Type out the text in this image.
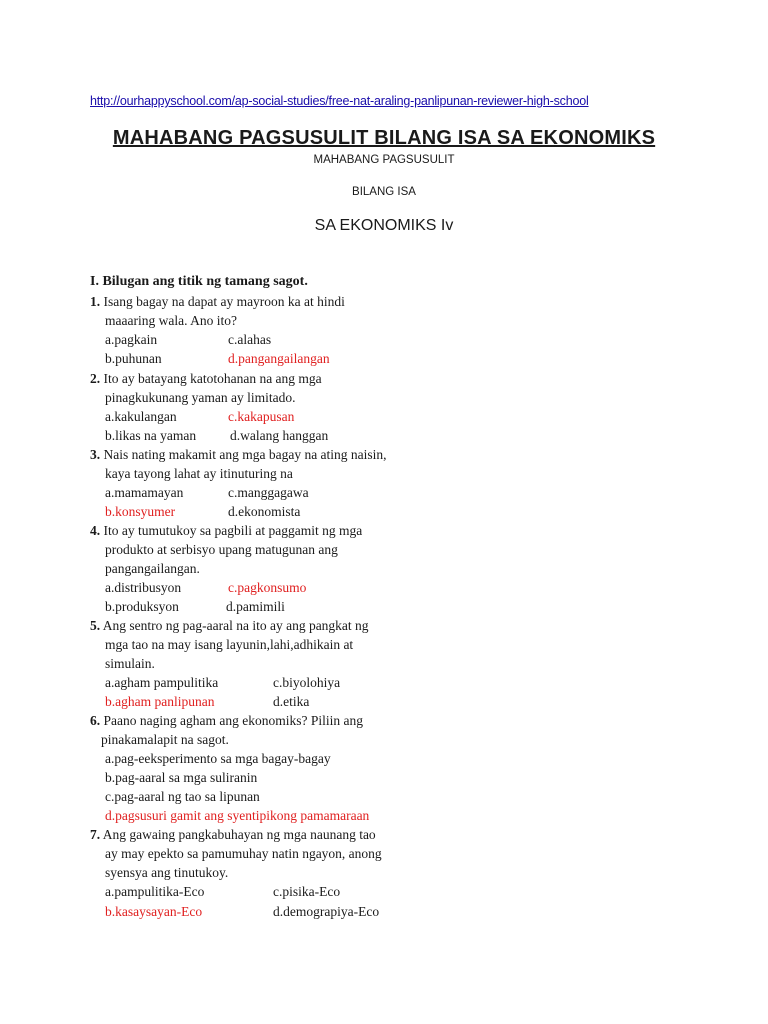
http://ourhappyschool.com/ap-social-studies/free-nat-araling-panlipunan-reviewer-high-school
MAHABANG PAGSUSULIT BILANG ISA SA EKONOMIKS
MAHABANG PAGSUSULIT
BILANG ISA
SA EKONOMIKS Iv
I. Bilugan ang titik ng tamang sagot.
1. Isang bagay na dapat ay mayroon ka at hindi
maaaring wala. Ano ito?
a.pagkain	c.alahas
b.puhunan	d.pangangailangan
2. Ito ay batayang katotohanan na ang mga
pinagkukunang yaman ay limitado.
a.kakulangan	c.kakapusan
b.likas na yaman	d.walang hanggan
3. Nais nating makamit ang mga bagay na ating naisin,
kaya tayong lahat ay itinuturing na
a.mamamayan	c.manggagawa
b.konsyumer	d.ekonomista
4. Ito ay tumutukoy sa pagbili at paggamit ng mga
produkto at serbisyo upang matugunan ang
pangangailangan.
a.distribusyon	c.pagkonsumo
b.produksyon	d.pamimili
5. Ang sentro ng pag-aaral na ito ay ang pangkat ng
mga tao na may isang layunin,lahi,adhikain at
simulain.
a.agham pampulitika	c.biyolohiya
b.agham panlipunan	d.etika
6. Paano naging agham ang ekonomiks? Piliin ang
pinakamalapit na sagot.
a.pag-eeksperimento sa mga bagay-bagay
b.pag-aaral sa mga suliranin
c.pag-aaral ng tao sa lipunan
d.pagsusuri gamit ang syentipikong pamamaraan
7. Ang gawaing pangkabuhayan ng mga naunang tao
ay may epekto sa pamumuhay natin ngayon, anong
syensya ang tinutukoy.
a.pampulitika-Eco	c.pisika-Eco
b.kasaysayan-Eco	d.demograpiya-Eco
